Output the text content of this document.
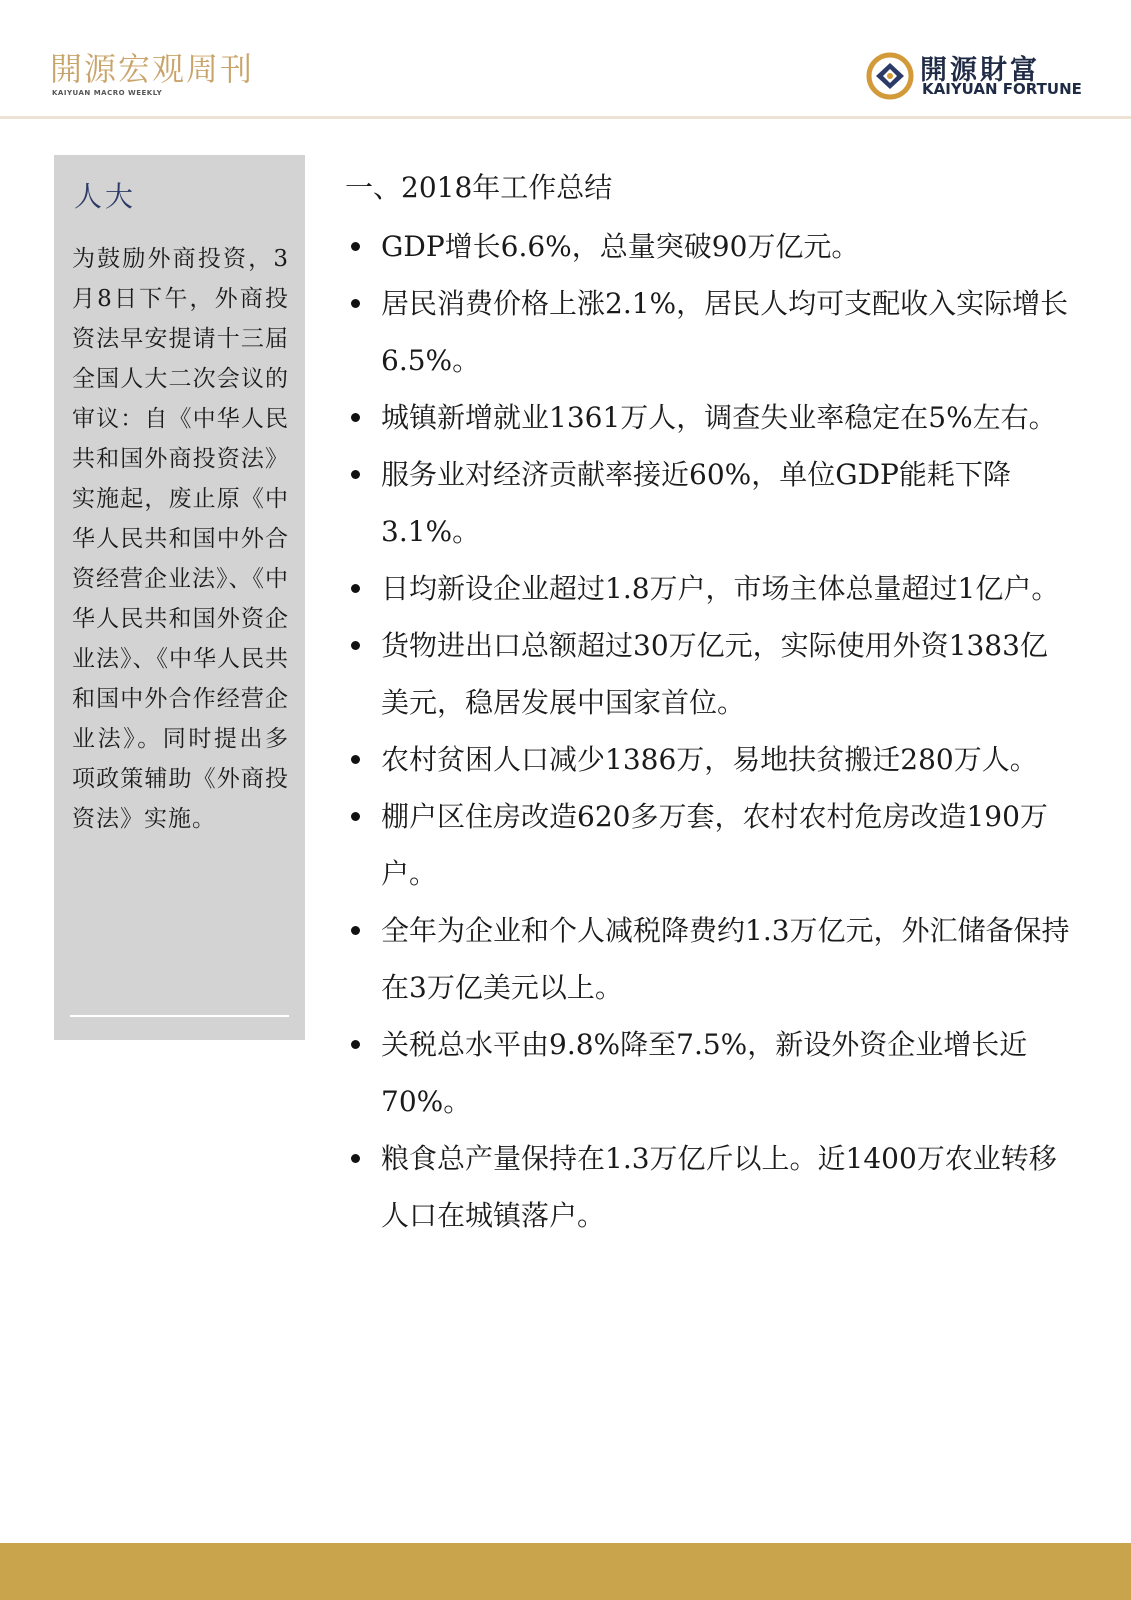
開源宏观周刊
KAIYUAN MACRO WEEKLY
開源財富
KAIYUAN FORTUNE
人大
为鼓励外商投资，3月8日下午，外商投资法早安提请十三届全国人大二次会议的审议：自《中华人民共和国外商投资法》实施起，废止原《中华人民共和国中外合资经营企业法》、《中华人民共和国外资企业法》、《中华人民共和国中外合作经营企业法》。同时提出多项政策辅助《外商投资法》实施。
一、2018年工作总结
GDP增长6.6%，总量突破90万亿元。
居民消费价格上涨2.1%，居民人均可支配收入实际增长6.5%。
城镇新增就业1361万人，调查失业率稳定在5%左右。
服务业对经济贡献率接近60%，单位GDP能耗下降3.1%。
日均新设企业超过1.8万户，市场主体总量超过1亿户。
货物进出口总额超过30万亿元，实际使用外资1383亿美元，稳居发展中国家首位。
农村贫困人口减少1386万，易地扶贫搬迁280万人。
棚户区住房改造620多万套，农村农村危房改造190万户。
全年为企业和个人减税降费约1.3万亿元，外汇储备保持在3万亿美元以上。
关税总水平由9.8%降至7.5%，新设外资企业增长近70%。
粮食总产量保持在1.3万亿斤以上。近1400万农业转移人口在城镇落户。
